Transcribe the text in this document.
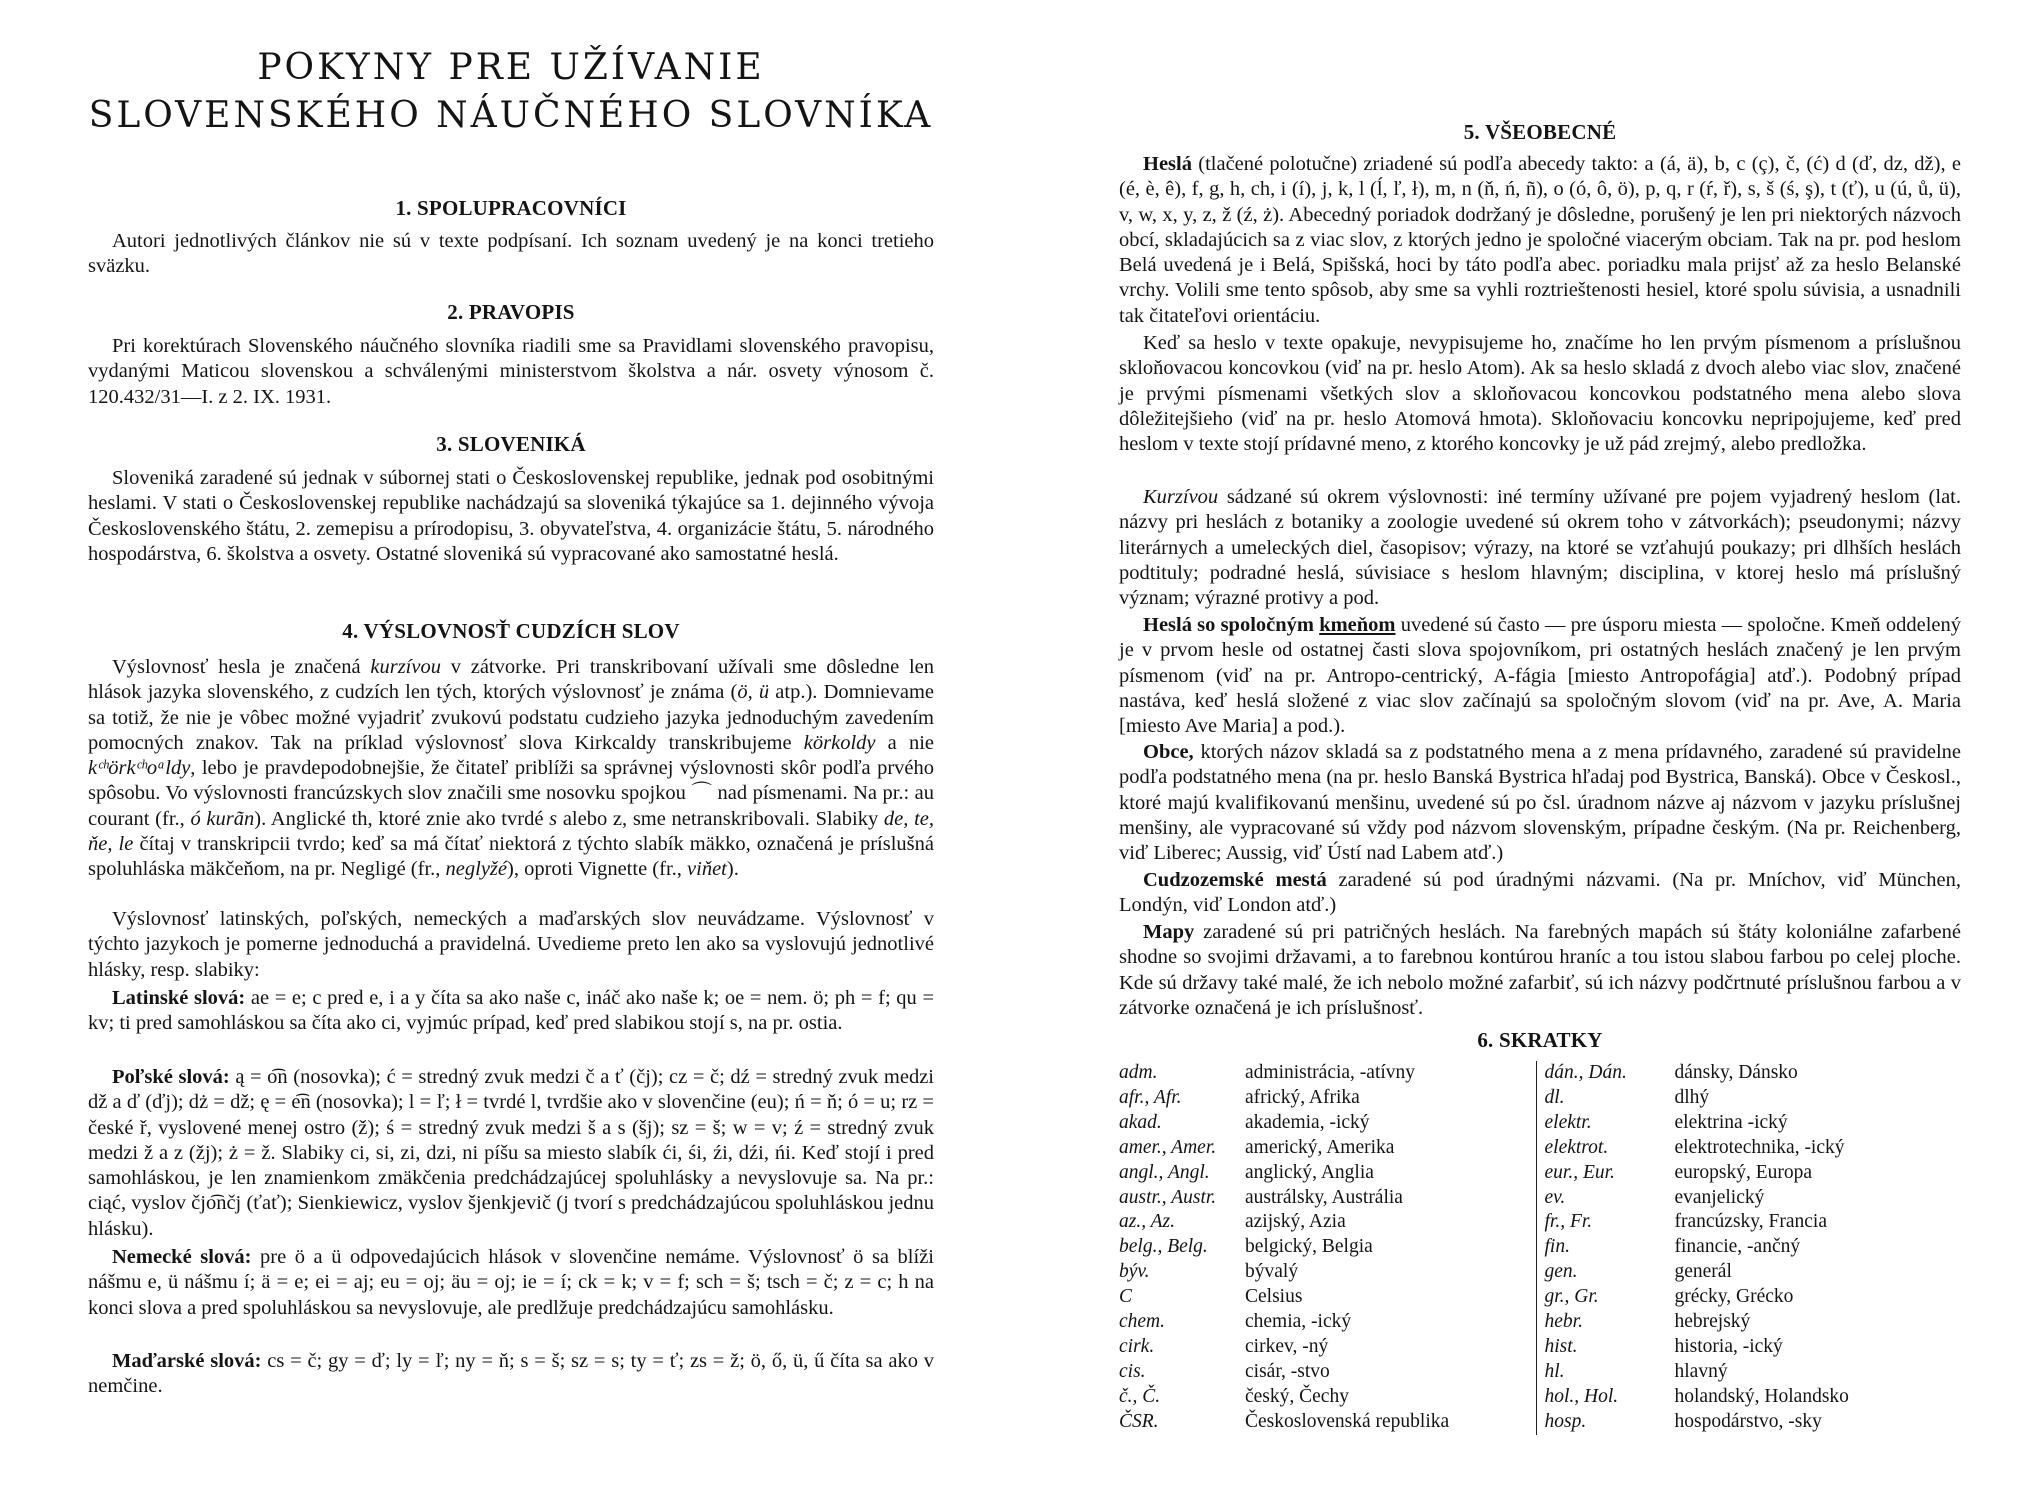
POKYNY PRE UŽÍVANIE
SLOVENSKÉHO NÁUČNÉHO SLOVNÍKA
1. SPOLUPRACOVNÍCI

Autori jednotlivých článkov nie sú v texte podpísaní. Ich soznam uvedený je na konci tretieho sväzku.

2. PRAVOPIS

Pri korektúrach Slovenského náučného slovníka riadili sme sa Pravidlami slovenského pravopisu, vydanými Maticou slovenskou a schválenými ministerstvom školstva a nár. osvety výnosom č. 120.432/31—I. z 2. IX. 1931.

3. SLOVENIKÁ

Sloveniká zaradené sú jednak v súbornej stati o Československej republike, jednak pod osobitnými heslami. V stati o Československej republike nachádzajú sa sloveniká týkajúce sa 1. dejinného vývoja Československého štátu, 2. zemepisu a prírodopisu, 3. obyvateľstva, 4. organizácie štátu, 5. národného hospodárstva, 6. školstva a osvety. Ostatné sloveniká sú vypracované ako samostatné heslá.

4. VÝSLOVNOSŤ CUDZÍCH SLOV

Výslovnosť hesla je značená kurzívou v zátvorke. Pri transkribovaní užívali sme dôsledne len hlások jazyka slovenského, z cudzích len tých, ktorých výslovnosť je známa (ö, ü atp.). Domnievame sa totiž, že nie je vôbec možné vyjadriť zvukovú podstatu cudzieho jazyka jednoduchým zavedením pomocných znakov. Tak na príklad výslovnosť slova Kirkcaldy transkribujeme körkoldy a nie kᶜʰörkᶜʰoᵃldy, lebo je pravdepodobnejšie, že čitateľ priblíži sa správnej výslovnosti skôr podľa prvého spôsobu. Vo výslovnosti francúzskych slov značili sme nosovku spojkou ⌒ nad písmenami. Na pr.: au courant (fr., ó kurãn). Anglické th, ktoré znie ako tvrdé s alebo z, sme netranskribovali. Slabiky de, te, ňe, le čítaj v transkripcii tvrdo; keď sa má čítať niektorá z týchto slabík mäkko, označená je príslušná spoluhláska mäkčeňom, na pr. Negligé (fr., neglyžé), oproti Vignette (fr., viňet).

Výslovnosť latinských, poľských, nemeckých a maďarských slov neuvádzame. Výslovnosť v týchto jazykoch je pomerne jednoduchá a pravidelná. Uvedieme preto len ako sa vyslovujú jednotlivé hlásky, resp. slabiky:

Latinské slová: ae = e; c pred e, i a y číta sa ako naše c, ináč ako naše k; oe = nem. ö; ph = f; qu = kv; ti pred samohláskou sa číta ako ci, vyjmúc prípad, keď pred slabikou stojí s, na pr. ostia.

Poľské slová: ą = o͡n (nosovka); ć = stredný zvuk medzi č a ť (čj); cz = č; dź = stredný zvuk medzi dž a ď (ďj); dż = dž; ę = e͡n (nosovka); l = ľ; ł = tvrdé l, tvrdšie ako v slovenčine (eu); ń = ň; ó = u; rz = české ř, vyslovené menej ostro (ž); ś = stredný zvuk medzi š a s (šj); sz = š; w = v; ź = stredný zvuk medzi ž a z (žj); ż = ž. Slabiky ci, si, zi, dzi, ni píšu sa miesto slabík ći, śi, źi, dźi, ńi. Keď stojí i pred samohláskou, je len znamienkom zmäkčenia predchádzajúcej spoluhlásky a nevyslovuje sa. Na pr.: ciąć, vyslov čjo͡nčj (ťať); Sienkiewicz, vyslov šjenkjevič (j tvorí s predchádzajúcou spoluhláskou jednu hlásku).

Nemecké slová: pre ö a ü odpovedajúcich hlások v slovenčine nemáme. Výslovnosť ö sa blíži nášmu e, ü nášmu í; ä = e; ei = aj; eu = oj; äu = oj; ie = í; ck = k; v = f; sch = š; tsch = č; z = c; h na konci slova a pred spoluhláskou sa nevyslovuje, ale predlžuje predchádzajúcu samohlásku.

Maďarské slová: cs = č; gy = ď; ly = ľ; ny = ň; s = š; sz = s; ty = ť; zs = ž; ö, ő, ü, ű číta sa ako v nemčine.

5. VŠEOBECNÉ

Heslá (tlačené polotučne) zriadené sú podľa abecedy takto: a (á, ä), b, c (ç), č, (ć) d (ď, dz, dž), e (é, è, ê), f, g, h, ch, i (í), j, k, l (ĺ, ľ, ł), m, n (ň, ń, ñ), o (ó, ô, ö), p, q, r (ŕ, ř), s, š (ś, ş), t (ť), u (ú, ů, ü), v, w, x, y, z, ž (ź, ż). Abecedný poriadok dodržaný je dôsledne, porušený je len pri niektorých názvoch obcí, skladajúcich sa z viac slov, z ktorých jedno je spoločné viacerým obciam. Tak na pr. pod heslom Belá uvedená je i Belá, Spišská, hoci by táto podľa abec. poriadku mala prijsť až za heslo Belanské vrchy. Volili sme tento spôsob, aby sme sa vyhli roztrieštenosti hesiel, ktoré spolu súvisia, a usnadnili tak čitateľovi orientáciu.

Keď sa heslo v texte opakuje, nevypisujeme ho, značíme ho len prvým písmenom a príslušnou skloňovacou koncovkou (viď na pr. heslo Atom). Ak sa heslo skladá z dvoch alebo viac slov, značené je prvými písmenami všetkých slov a skloňovacou koncovkou podstatného mena alebo slova dôležitejšieho (viď na pr. heslo Atomová hmota). Skloňovaciu koncovku nepripojujeme, keď pred heslom v texte stojí prídavné meno, z ktorého koncovky je už pád zrejmý, alebo predložka.

Kurzívou sádzané sú okrem výslovnosti: iné termíny užívané pre pojem vyjadrený heslom (lat. názvy pri heslách z botaniky a zoologie uvedené sú okrem toho v zátvorkách); pseudonymi; názvy literárnych a umeleckých diel, časopisov; výrazy, na ktoré se vzťahujú poukazy; pri dlhších heslách podtituly; podradné heslá, súvisiace s heslom hlavným; disciplina, v ktorej heslo má príslušný význam; výrazné protivy a pod.

Heslá so spoločným kmeňom uvedené sú často — pre úsporu miesta — spoločne. Kmeň oddelený je v prvom hesle od ostatnej časti slova spojovníkom, pri ostatných heslách značený je len prvým písmenom (viď na pr. Antropo-centrický, A-fágia [miesto Antropofágia] atď.). Podobný prípad nastáva, keď heslá složené z viac slov začínajú sa spoločným slovom (viď na pr. Ave, A. Maria [miesto Ave Maria] a pod.).

Obce, ktorých názov skladá sa z podstatného mena a z mena prídavného, zaradené sú pravidelne podľa podstatného mena (na pr. heslo Banská Bystrica hľadaj pod Bystrica, Banská). Obce v Českosl., ktoré majú kvalifikovanú menšinu, uvedené sú po čsl. úradnom názve aj názvom v jazyku príslušnej menšiny, ale vypracované sú vždy pod názvom slovenským, prípadne českým. (Na pr. Reichenberg, viď Liberec; Aussig, viď Ústí nad Labem atď.)

Cudzozemské mestá zaradené sú pod úradnými názvami. (Na pr. Mníchov, viď München, Londýn, viď London atď.)

Mapy zaradené sú pri patričných heslách. Na farebných mapách sú štáty koloniálne zafarbené shodne so svojimi državami, a to farebnou kontúrou hraníc a tou istou slabou farbou po celej ploche. Kde sú državy také malé, že ich nebolo možné zafarbiť, sú ich názvy podčrtnuté príslušnou farbou a v zátvorke označená je ich príslušnosť.

6. SKRATKY
adm.	administrácia, -atívny
afr., Afr.	africký, Afrika
akad.	akademia, -ický
amer., Amer.	americký, Amerika
angl., Angl.	anglický, Anglia
austr., Austr.	austrálsky, Austrália
az., Az.	azijský, Azia
belg., Belg.	belgický, Belgia
býv.	bývalý
C	Celsius
chem.	chemia, -ický
cirk.	cirkev, -ný
cis.	cisár, -stvo
č., Č.	český, Čechy
ČSR.	Československá republika
dán., Dán.	dánsky, Dánsko
dl.	dlhý
elektr.	elektrina -ický
elektrot.	elektrotechnika, -ický
eur., Eur.	europský, Europa
ev.	evanjelický
fr., Fr.	francúzsky, Francia
fin.	financie, -ančný
gen.	generál
gr., Gr.	grécky, Grécko
hebr.	hebrejský
hist.	historia, -ický
hl.	hlavný
hol., Hol.	holandský, Holandsko
hosp.	hospodárstvo, -sky
